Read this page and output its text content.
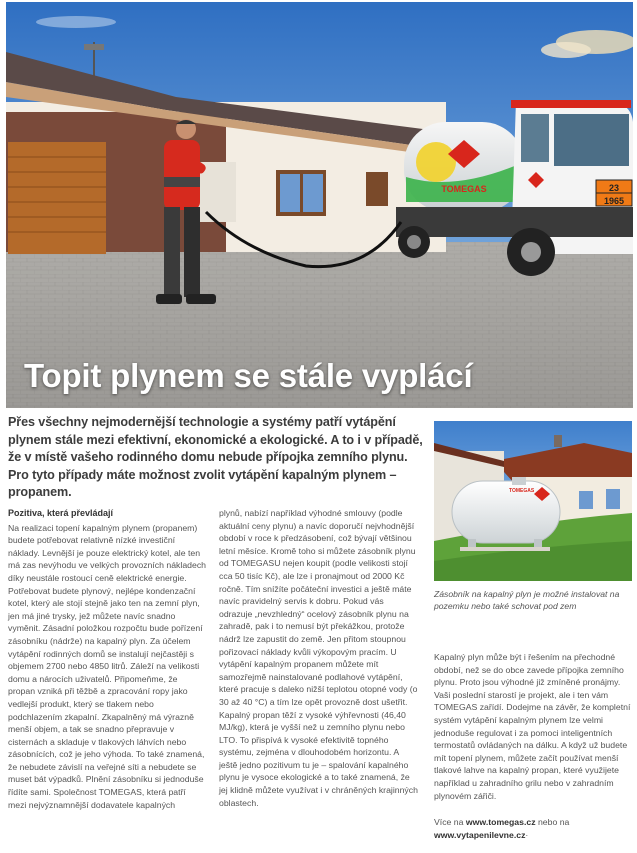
TOMEGAS	23
1965
Topit plynem se stále vyplácí
Přes všechny nejmodernější technologie a systémy patří vytápění plynem stále mezi efektivní, ekonomické a ekologické. A to i v případě, že v místě vašeho rodinného domu nebude přípojka zemního plynu. Pro tyto případy máte možnost zvolit vytápění kapalným plynem – propanem.	TOMEGAS
Zásobník na kapalný plyn je možné instalovat na pozemku nebo také schovat pod zem
Pozitiva, která převládají
Na realizaci topení kapalným plynem (propanem) budete potřebovat relativně nízké investiční náklady. Levnější je pouze elektrický kotel, ale ten má zas nevýhodu ve velkých provozních nákladech díky neustále rostoucí ceně elektrické energie. Potřebovat budete plynový, nejlépe kondenzační kotel, který ale stojí stejně jako ten na zemní plyn, jen má jiné trysky, jež můžete navíc snadno vyměnit. Zásadní položkou rozpočtu bude pořízení zásobníku (nádrže) na kapalný plyn. Za účelem vytápění rodinných domů se instalují nejčastěji s objemem 2700 nebo 4850 litrů. Záleží na velikosti domu a nárocích uživatelů. Připomeňme, že propan vzniká při těžbě a zpracování ropy jako vedlejší produkt, který se tlakem nebo podchlazením zkapalní. Zkapalněný má výrazně menší objem, a tak se snadno přepravuje v cisternách a skladuje v tlakových láhvích nebo zásobnících, což je jeho výhoda. To také znamená, že nebudete závislí na veřejné síti a nebudete se muset bát výpadků. Plnění zásobníku si jednoduše řídíte sami. Společnost TOMEGAS, která patří mezi nejvýznamnější dodavatele kapalných
plynů, nabízí například výhodné smlouvy (podle aktuální ceny plynu) a navíc doporučí nejvhodnější období v roce k předzásobení, což bývají většinou letní měsíce. Kromě toho si můžete zásobník plynu od TOMEGASU nejen koupit (podle velikosti stojí cca 50 tisíc Kč), ale lze i pronajmout od 2000 Kč ročně. Tím snížíte počáteční investici a ještě máte navíc pravidelný servis k dobru. Pokud vás odrazuje „nevzhledný“ ocelový zásobník plynu na zahradě, pak i to nemusí být překážkou, protože nádrž lze zapustit do země. Jen přitom stoupnou pořizovací náklady kvůli výkopovým pracím. U vytápění kapalným propanem můžete mít samozřejmě nainstalované podlahové vytápění, které pracuje s daleko nižší teplotou otopné vody (o 30 až 40 °C) a tím lze opět provozně dost ušetřit. Kapalný propan těží z vysoké výhřevnosti (46,40 MJ/kg), která je vyšší než u zemního plynu nebo LTO. To přispívá k vysoké efektivitě topného systému, zejména v dlouhodobém horizontu. A ještě jedno pozitivum tu je – spalování kapalného plynu je vysoce ekologické a to také znamená, že jej klidně můžete využívat i v chráněných krajinných oblastech.

Kapalný plyn může být i řešením na přechodné období, než se do obce zavede přípojka zemního plynu. Proto jsou výhodné již zmíněné pronájmy. Vaši poslední starostí je projekt, ale i ten vám TOMEGAS zařídí. Dodejme na závěr, že kompletní systém vytápění kapalným plynem lze velmi jednoduše regulovat i za pomoci inteligentních termostatů ovládaných na dálku. A když už budete mít topení plynem, můžete začít používat menší tlakové lahve na kapalný propan, které využijete například u zahradního grilu nebo v zahradním plynovém zářiči.

Více na www.tomegas.cz nebo na
www.vytapenilevne.cz·
